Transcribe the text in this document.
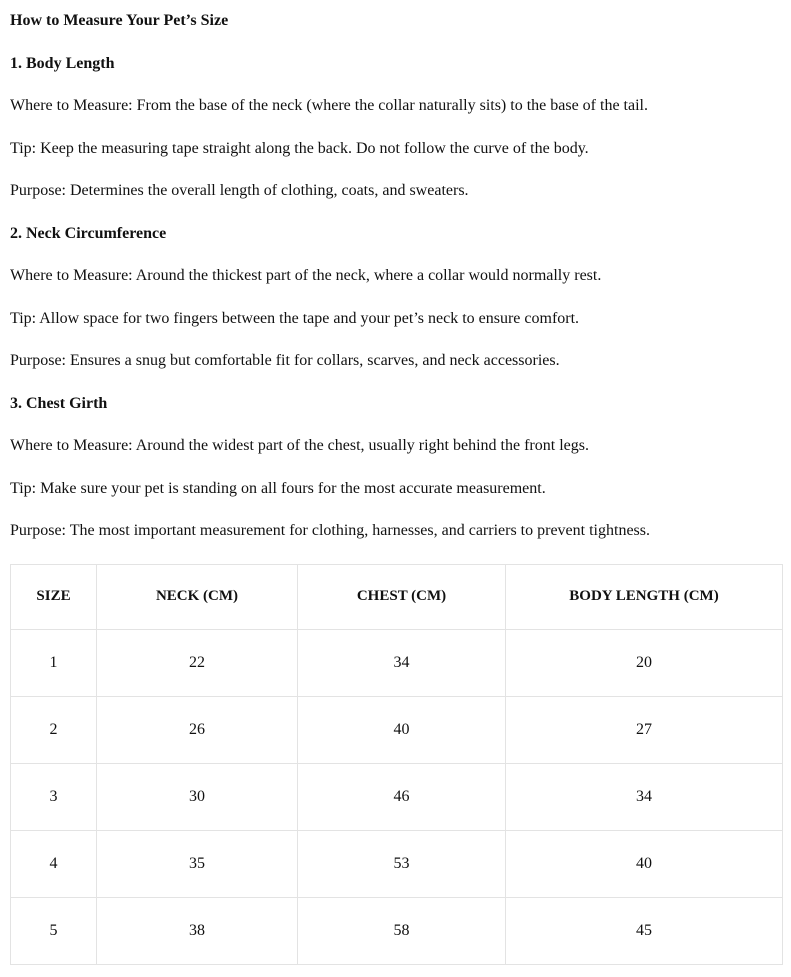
How to Measure Your Pet’s Size

1. Body Length

Where to Measure: From the base of the neck (where the collar naturally sits) to the base of the tail.

Tip: Keep the measuring tape straight along the back. Do not follow the curve of the body.

Purpose: Determines the overall length of clothing, coats, and sweaters.

2. Neck Circumference

Where to Measure: Around the thickest part of the neck, where a collar would normally rest.

Tip: Allow space for two fingers between the tape and your pet’s neck to ensure comfort.

Purpose: Ensures a snug but comfortable fit for collars, scarves, and neck accessories.

3. Chest Girth

Where to Measure: Around the widest part of the chest, usually right behind the front legs.

Tip: Make sure your pet is standing on all fours for the most accurate measurement.

Purpose: The most important measurement for clothing, harnesses, and carriers to prevent tightness.

SIZE	NECK (CM)	CHEST (CM)	BODY LENGTH (CM)
1	22	34	20
2	26	40	27
3	30	46	34
4	35	53	40
5	38	58	45
